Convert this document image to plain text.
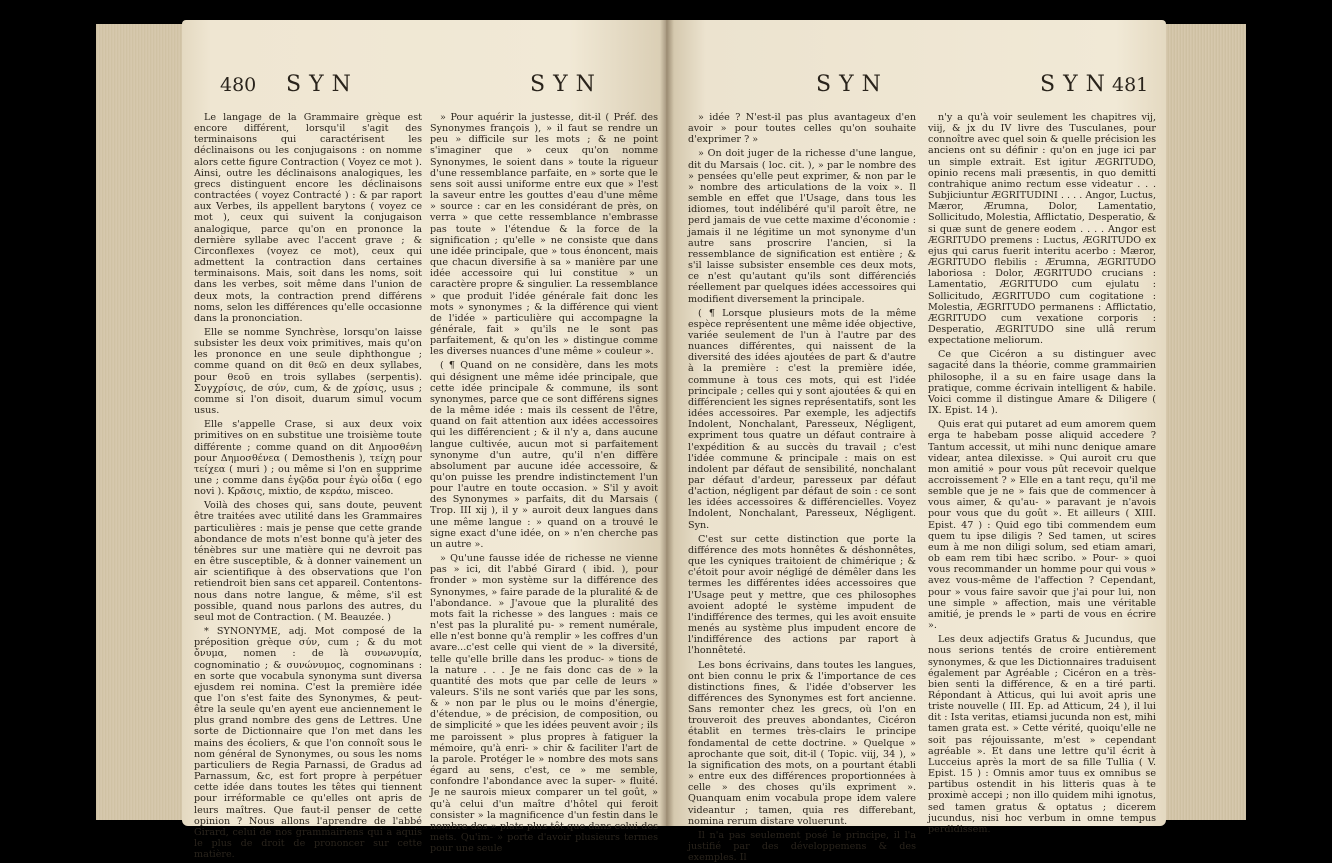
480 SYN	SYN

Le langage de la Grammaire grèque est encore différent, lorsqu'il s'agit des terminaisons qui caractérisent les déclinaisons ou les conjugaisons : on nomme alors cette figure Contraction ( Voyez ce mot ). Ainsi, outre les déclinaisons analogiques, les grecs distinguent encore les déclinaisons contractées ( voyez Contracté ) : & par raport aux Verbes, ils appellent barytons ( voyez ce mot ), ceux qui suivent la conjugaison analogique, parce qu'on en prononce la dernière syllabe avec l'accent grave ; & Circonflexes (voyez ce mot), ceux qui admettent la contraction dans certaines terminaisons. Mais, soit dans les noms, soit dans les verbes, soit même dans l'union de deux mots, la contraction prend différens noms, selon les différences qu'elle occasionne dans la prononciation.

Elle se nomme Synchrèse, lorsqu'on laisse subsister les deux voix primitives, mais qu'on les prononce en une seule diphthongue ; comme quand on dit θεῶ en deux syllabes, pour θεοῦ en trois syllabes (serpentis). Συγχρίσις, de σύν, cum, & de χρίσις, usus ; comme si l'on disoit, duarum simul vocum usus.

Elle s'appelle Crase, si aux deux voix primitives on en substitue une troisième toute différente ; comme quand on dit Δημοσθένη pour Δημοσθένεα ( Demosthenis ), τείχη pour τείχεα ( muri ) ; ou même si l'on en supprime une ; comme dans ἐγῷδα pour ἐγὼ οἶδα ( ego novi ). Κρᾶσις, mixtio, de κεράω, misceo.

Voilà des choses qui, sans doute, peuvent être traitées avec utilité dans les Grammaires particulières : mais je pense que cette grande abondance de mots n'est bonne qu'à jeter des ténèbres sur une matière qui ne devroit pas en être susceptible, & à donner vainement un air scientifique à des observations que l'on retiendroit bien sans cet appareil. Contentons-nous dans notre langue, & même, s'il est possible, quand nous parlons des autres, du seul mot de Contraction. ( M. Beauzée. )

* SYNONYME, adj. Mot composé de la préposition grèque σύν, cum ; & du mot ὄνυμα, nomen : de là συνωνυμία, cognominatio ; & συνώνυμος, cognominans : en sorte que vocabula synonyma sunt diversa ejusdem rei nomina. C'est la première idée que l'on s'est faite des Synonymes, & peut-être la seule qu'en ayent eue anciennement le plus grand nombre des gens de Lettres. Une sorte de Dictionnaire que l'on met dans les mains des écoliers, & que l'on connoît sous le nom général de Synonymes, ou sous les noms particuliers de Regia Parnassi, de Gradus ad Parnassum, &c, est fort propre à perpétuer cette idée dans toutes les têtes qui tiennent pour irréformable ce qu'elles ont apris de leurs maîtres. Que faut-il penser de cette opinion ? Nous allons l'aprendre de l'abbé Girard, celui de nos grammairiens qui a aquis le plus de droit de prononcer sur cette matière.

» Pour aquérir la justesse, dit-il ( Préf. des Synonymes françois ), » il faut se rendre un peu » difficile sur les mots ; & ne point s'imaginer que » ceux qu'on nomme Synonymes, le soient dans » toute la rigueur d'une ressemblance parfaite, en » sorte que le sens soit aussi uniforme entre eux que » l'est la saveur entre les gouttes d'eau d'une même » source : car en les considérant de près, on verra » que cette ressemblance n'embrasse pas toute » l'étendue & la force de la signification ; qu'elle » ne consiste que dans une idée principale, que » tous énoncent, mais que chacun diversifie à sa » manière par une idée accessoire qui lui constitue » un caractère propre & singulier. La ressemblance » que produit l'idée générale fait donc les mots » synonymes ; & la différence qui vient de l'idée » particulière qui accompagne la générale, fait » qu'ils ne le sont pas parfaitement, & qu'on les » distingue comme les diverses nuances d'une même » couleur ».

( ¶ Quand on ne considère, dans les mots qui désignent une même idée principale, que cette idée principale & commune, ils sont synonymes, parce que ce sont différens signes de la même idée : mais ils cessent de l'être, quand on fait attention aux idées accessoires qui les différencient ; & il n'y a, dans aucune langue cultivée, aucun mot si parfaitement synonyme d'un autre, qu'il n'en diffère absolument par aucune idée accessoire, & qu'on puisse les prendre indistinctement l'un pour l'autre en toute occasion. » S'il y avoit des Synonymes » parfaits, dit du Marsais ( Trop. III xij ), il y » auroit deux langues dans une même langue : » quand on a trouvé le signe exact d'une idée, on » n'en cherche pas un autre ».

» Qu'une fausse idée de richesse ne vienne pas » ici, dit l'abbé Girard ( ibid. ), pour fronder » mon système sur la différence des Synonymes, » faire parade de la pluralité & de l'abondance. » J'avoue que la pluralité des mots fait la richesse » des langues : mais ce n'est pas la pluralité pu- » rement numérale, elle n'est bonne qu'à remplir » les coffres d'un avare...c'est celle qui vient de » la diversité, telle qu'elle brille dans les produc- » tions de la nature . . . Je ne fais donc cas de » la quantité des mots que par celle de leurs » valeurs. S'ils ne sont variés que par les sons, & » non par le plus ou le moins d'énergie, d'étendue, » de précision, de composition, ou de simplicité » que les idées peuvent avoir ; ils me paroissent » plus propres à fatiguer la mémoire, qu'à enri- » chir & faciliter l'art de la parole. Protéger le » nombre des mots sans égard au sens, c'est, ce » me semble, confondre l'abondance avec la super- » fluité. Je ne saurois mieux comparer un tel goût, » qu'à celui d'un maître d'hôtel qui feroit consister » la magnificence d'un festin dans le nombre des » plats plus tôt que dans celui des mets. Qu'im- » porte d'avoir plusieurs termes pour une seule

SYN	SYN 481

» idée ? N'est-il pas plus avantageux d'en avoir » pour toutes celles qu'on souhaite d'exprimer ? »

» On doit juger de la richesse d'une langue, dit du Marsais ( loc. cit. ), » par le nombre des » pensées qu'elle peut exprimer, & non par le » nombre des articulations de la voix ». Il semble en effet que l'Usage, dans tous les idiomes, tout indélibéré qu'il paroît être, ne perd jamais de vue cette maxime d'économie : jamais il ne légitime un mot synonyme d'un autre sans proscrire l'ancien, si la ressemblance de signification est entière ; & s'il laisse subsister ensemble ces deux mots, ce n'est qu'autant qu'ils sont différenciés réellement par quelques idées accessoires qui modifient diversement la principale.

( ¶ Lorsque plusieurs mots de la même espèce représentent une même idée objective, variée seulement de l'un à l'autre par des nuances différentes, qui naissent de la diversité des idées ajoutées de part & d'autre à la première : c'est la première idée, commune à tous ces mots, qui est l'idée principale ; celles qui y sont ajoutées & qui en différencient les signes représentatifs, sont les idées accessoires. Par exemple, les adjectifs Indolent, Nonchalant, Paresseux, Négligent, expriment tous quatre un défaut contraire à l'expédition & au succès du travail ; c'est l'idée commune & principale : mais on est indolent par défaut de sensibilité, nonchalant par défaut d'ardeur, paresseux par défaut d'action, négligent par défaut de soin : ce sont les idées accessoires & différencielles. Voyez Indolent, Nonchalant, Paresseux, Négligent. Syn.

C'est sur cette distinction que porte la différence des mots honnêtes & déshonnêtes, que les cyniques traitoient de chimérique ; & c'étoit pour avoir négligé de démêler dans les termes les différentes idées accessoires que l'Usage peut y mettre, que ces philosophes avoient adopté le système impudent de l'indifférence des termes, qui les avoit ensuite menés au système plus impudent encore de l'indifférence des actions par raport à l'honnêteté.

Les bons écrivains, dans toutes les langues, ont bien connu le prix & l'importance de ces distinctions fines, & l'idée d'observer les différences des Synonymes est fort ancienne. Sans remonter chez les grecs, où l'on en trouveroit des preuves abondantes, Cicéron établit en termes très-clairs le principe fondamental de cette doctrine. » Quelque » aprochante que soit, dit-il ( Topic. viij, 34 ), » la signification des mots, on a pourtant établi » entre eux des différences proportionnées à celle » des choses qu'ils expriment ». Quanquam enim vocabula prope idem valere videantur ; tamen, quia res differebant, nomina rerum distare voluerunt.

Il n'a pas seulement posé le principe, il l'a justifié par des développemens & des exemples. Il

n'y a qu'à voir seulement les chapitres vij, viij, & jx du IV livre des Tusculanes, pour connoître avec quel soin & quelle précision les anciens ont su définir : qu'on en juge ici par un simple extrait. Est igitur ÆGRITUDO, opinio recens mali præsentis, in quo demitti contrahique animo rectum esse videatur . . . Subjiciuntur ÆGRITUDINI . . . . Angor, Luctus, Mæror, Ærumna, Dolor, Lamentatio, Sollicitudo, Molestia, Afflictatio, Desperatio, & si quæ sunt de genere eodem . . . . Angor est ÆGRITUDO premens : Luctus, ÆGRITUDO ex ejus qui carus fuerit interitu acerbo : Mæror, ÆGRITUDO flebilis : Ærumna, ÆGRITUDO laboriosa : Dolor, ÆGRITUDO crucians : Lamentatio, ÆGRITUDO cum ejulatu : Sollicitudo, ÆGRITUDO cum cogitatione : Molestia, ÆGRITUDO permanens : Afflictatio, ÆGRITUDO cum vexatione corporis : Desperatio, ÆGRITUDO sine ullâ rerum expectatione meliorum.

Ce que Cicéron a su distinguer avec sagacité dans la théorie, comme grammairien philosophe, il a su en faire usage dans la pratique, comme écrivain intelligent & habile. Voici comme il distingue Amare & Diligere ( IX. Epist. 14 ).

Quis erat qui putaret ad eum amorem quem erga te habebam posse aliquid accedere ? Tantum accessit, ut mihi nunc denique amare videar, antea dilexisse. » Qui auroit cru que mon amitié » pour vous pût recevoir quelque accroissement ? » Elle en a tant reçu, qu'il me semble que je ne » fais que de commencer à vous aimer, & qu'au- » paravant je n'avois pour vous que du goût ». Et ailleurs ( XIII. Epist. 47 ) : Quid ego tibi commendem eum quem tu ipse diligis ? Sed tamen, ut scires eum à me non diligi solum, sed etiam amari, ob eam rem tibi hæc scribo. » Pour- » quoi vous recommander un homme pour qui vous » avez vous-même de l'affection ? Cependant, pour » vous faire savoir que j'ai pour lui, non une simple » affection, mais une véritable amitié, je prends le » parti de vous en écrire ».

Les deux adjectifs Gratus & Jucundus, que nous serions tentés de croire entièrement synonymes, & que les Dictionnaires traduisent également par Agréable ; Cicéron en a très-bien senti la différence, & en a tiré parti. Répondant à Atticus, qui lui avoit apris une triste nouvelle ( III. Ep. ad Atticum, 24 ), il lui dit : Ista veritas, etiamsi jucunda non est, mihi tamen grata est. » Cette vérité, quoiqu'elle ne soit pas réjouissante, m'est » cependant agréable ». Et dans une lettre qu'il écrit à Lucceius après la mort de sa fille Tullia ( V. Epist. 15 ) : Omnis amor tuus ex omnibus se partibus ostendit in his litteris quas à te proximè accepi ; non illo quidem mihi ignotus, sed tamen gratus & optatus ; dicerem jucundus, nisi hoc verbum in omne tempus perdidissem.
